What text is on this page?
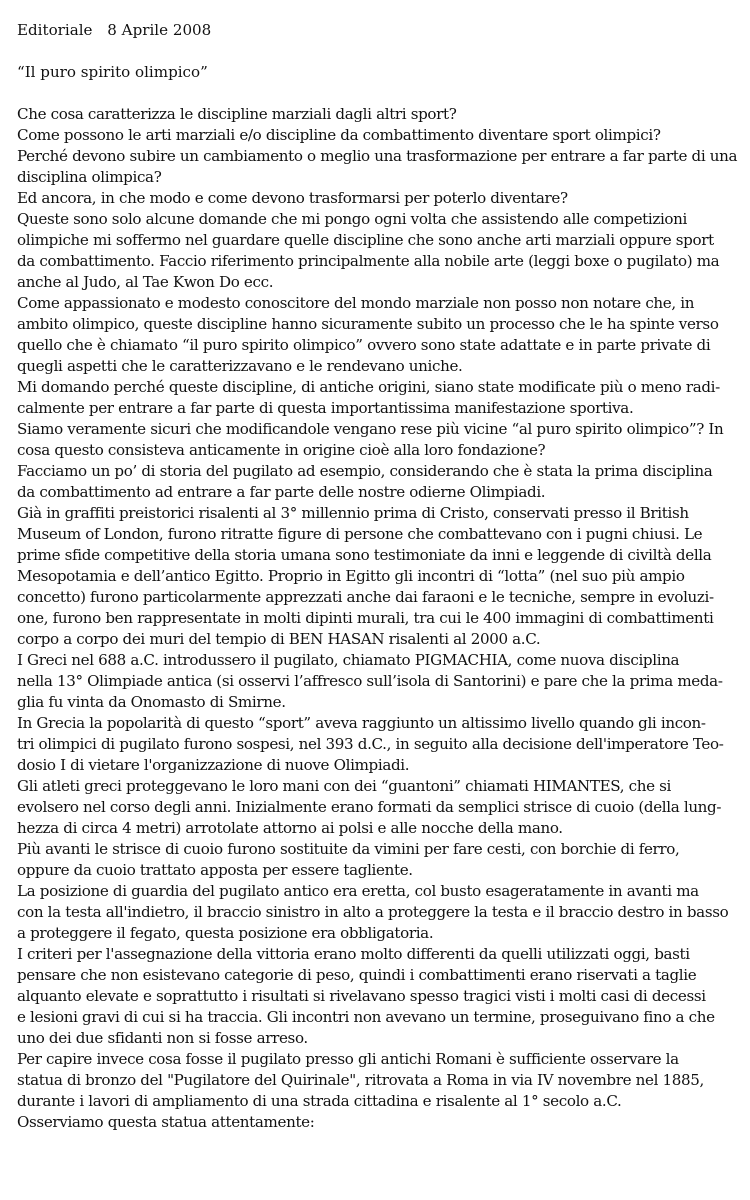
Editoriale 8 Aprile 2008
“Il puro spirito olimpico”
Che cosa caratterizza le discipline marziali dagli altri sport?
Come possono le arti marziali e/o discipline da combattimento diventare sport olimpici?
Perché devono subire un cambiamento o meglio una trasformazione per entrare a far parte di una
disciplina olimpica?
Ed ancora, in che modo e come devono trasformarsi per poterlo diventare?
Queste sono solo alcune domande che mi pongo ogni volta che assistendo alle competizioni
olimpiche mi soffermo nel guardare quelle discipline che sono anche arti marziali oppure sport
da combattimento. Faccio riferimento principalmente alla nobile arte (leggi boxe o pugilato) ma
anche al Judo, al Tae Kwon Do ecc.
Come appassionato e modesto conoscitore del mondo marziale non posso non notare che, in
ambito olimpico, queste discipline hanno sicuramente subito un processo che le ha spinte verso
quello che è chiamato “il puro spirito olimpico” ovvero sono state adattate e in parte private di
quegli aspetti che le caratterizzavano e le rendevano uniche.
Mi domando perché queste discipline, di antiche origini, siano state modificate più o meno radi-
calmente per entrare a far parte di questa importantissima manifestazione sportiva.
Siamo veramente sicuri che modificandole vengano rese più vicine “al puro spirito olimpico”? In
cosa questo consisteva anticamente in origine cioè alla loro fondazione?
Facciamo un po’ di storia del pugilato ad esempio, considerando che è stata la prima disciplina
da combattimento ad entrare a far parte delle nostre odierne Olimpiadi.
Già in graffiti preistorici risalenti al 3° millennio prima di Cristo, conservati presso il British
Museum of London, furono ritratte figure di persone che combattevano con i pugni chiusi. Le
prime sfide competitive della storia umana sono testimoniate da inni e leggende di civiltà della
Mesopotamia e dell’antico Egitto. Proprio in Egitto gli incontri di “lotta” (nel suo più ampio
concetto) furono particolarmente apprezzati anche dai faraoni e le tecniche, sempre in evoluzi-
one, furono ben rappresentate in molti dipinti murali, tra cui le 400 immagini di combattimenti
corpo a corpo dei muri del tempio di BEN HASAN risalenti al 2000 a.C.
I Greci nel 688 a.C. introdussero il pugilato, chiamato PIGMACHIA, come nuova disciplina
nella 13° Olimpiade antica (si osservi l’affresco sull’isola di Santorini) e pare che la prima meda-
glia fu vinta da Onomasto di Smirne.
In Grecia la popolarità di questo “sport” aveva raggiunto un altissimo livello quando gli incon-
tri olimpici di pugilato furono sospesi, nel 393 d.C., in seguito alla decisione dell'imperatore Teo-
dosio I di vietare l'organizzazione di nuove Olimpiadi.
Gli atleti greci proteggevano le loro mani con dei “guantoni” chiamati HIMANTES, che si
evolsero nel corso degli anni. Inizialmente erano formati da semplici strisce di cuoio (della lung-
hezza di circa 4 metri) arrotolate attorno ai polsi e alle nocche della mano.
Più avanti le strisce di cuoio furono sostituite da vimini per fare cesti, con borchie di ferro,
oppure da cuoio trattato apposta per essere tagliente.
La posizione di guardia del pugilato antico era eretta, col busto esageratamente in avanti ma
con la testa all'indietro, il braccio sinistro in alto a proteggere la testa e il braccio destro in basso
a proteggere il fegato, questa posizione era obbligatoria.
I criteri per l'assegnazione della vittoria erano molto differenti da quelli utilizzati oggi, basti
pensare che non esistevano categorie di peso, quindi i combattimenti erano riservati a taglie
alquanto elevate e soprattutto i risultati si rivelavano spesso tragici visti i molti casi di decessi
e lesioni gravi di cui si ha traccia. Gli incontri non avevano un termine, proseguivano fino a che
uno dei due sfidanti non si fosse arreso.
Per capire invece cosa fosse il pugilato presso gli antichi Romani è sufficiente osservare la
statua di bronzo del "Pugilatore del Quirinale", ritrovata a Roma in via IV novembre nel 1885,
durante i lavori di ampliamento di una strada cittadina e risalente al 1° secolo a.C.
Osserviamo questa statua attentamente:
